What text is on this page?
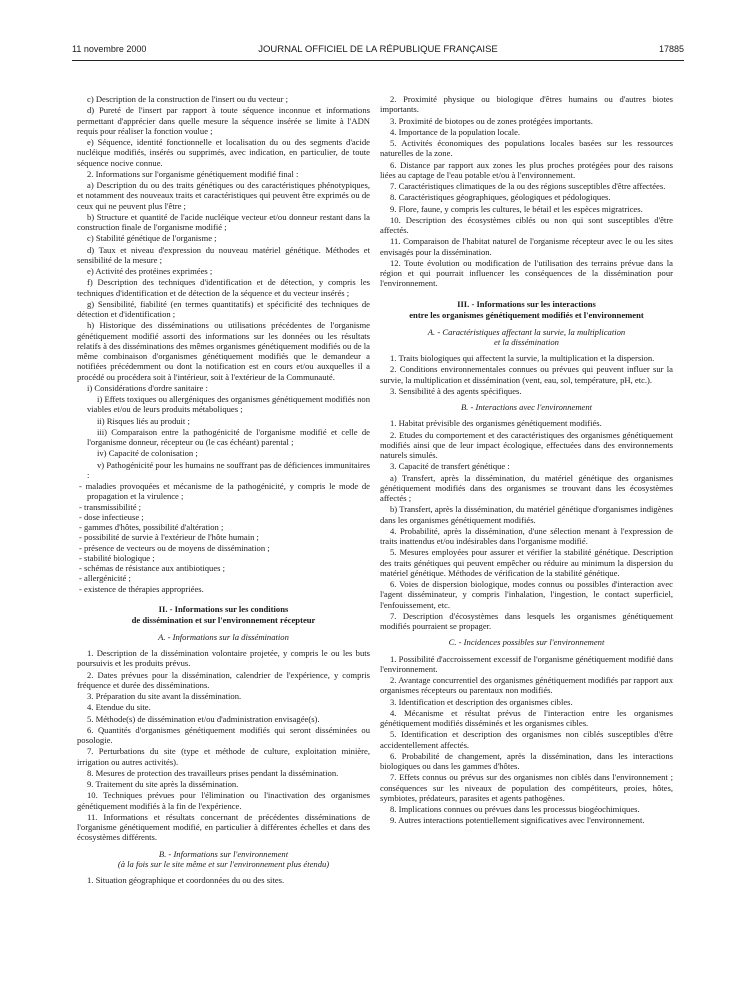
11 novembre 2000	JOURNAL OFFICIEL DE LA RÉPUBLIQUE FRANÇAISE	17885

c) Description de la construction de l'insert ou du vecteur ;

d) Pureté de l'insert par rapport à toute séquence inconnue et informations permettant d'apprécier dans quelle mesure la séquence insérée se limite à l'ADN requis pour réaliser la fonction voulue ;

e) Séquence, identité fonctionnelle et localisation du ou des segments d'acide nucléique modifiés, insérés ou supprimés, avec indication, en particulier, de toute séquence nocive connue.

2. Informations sur l'organisme génétiquement modifié final :

a) Description du ou des traits génétiques ou des caractéristiques phénotypiques, et notamment des nouveaux traits et caractéristiques qui peuvent être exprimés ou de ceux qui ne peuvent plus l'être ;

b) Structure et quantité de l'acide nucléique vecteur et/ou donneur restant dans la construction finale de l'organisme modifié ;

c) Stabilité génétique de l'organisme ;

d) Taux et niveau d'expression du nouveau matériel génétique. Méthodes et sensibilité de la mesure ;

e) Activité des protéines exprimées ;

f) Description des techniques d'identification et de détection, y compris les techniques d'identification et de détection de la séquence et du vecteur insérés ;

g) Sensibilité, fiabilité (en termes quantitatifs) et spécificité des techniques de détection et d'identification ;

h) Historique des disséminations ou utilisations précédentes de l'organisme génétiquement modifié assorti des informations sur les données ou les résultats relatifs à des disséminations des mêmes organismes génétiquement modifiés ou de la même combinaison d'organismes génétiquement modifiés que le demandeur a notifiées précédemment ou dont la notification est en cours et/ou auxquelles il a procédé ou procédera soit à l'intérieur, soit à l'extérieur de la Communauté.

i) Considérations d'ordre sanitaire :

i) Effets toxiques ou allergéniques des organismes génétiquement modifiés non viables et/ou de leurs produits métaboliques ;

ii) Risques liés au produit ;

iii) Comparaison entre la pathogénicité de l'organisme modifié et celle de l'organisme donneur, récepteur ou (le cas échéant) parental ;

iv) Capacité de colonisation ;

v) Pathogénicité pour les humains ne souffrant pas de déficiences immunitaires :

- maladies provoquées et mécanisme de la pathogénicité, y compris le mode de propagation et la virulence ;

- transmissibilité ;

- dose infectieuse ;

- gammes d'hôtes, possibilité d'altération ;

- possibilité de survie à l'extérieur de l'hôte humain ;

- présence de vecteurs ou de moyens de dissémination ;

- stabilité biologique ;

- schémas de résistance aux antibiotiques ;

- allergénicité ;

- existence de thérapies appropriées.

II. - Informations sur les conditions
de dissémination et sur l'environnement récepteur
A. - Informations sur la dissémination

1. Description de la dissémination volontaire projetée, y compris le ou les buts poursuivis et les produits prévus.

2. Dates prévues pour la dissémination, calendrier de l'expérience, y compris fréquence et durée des disséminations.

3. Préparation du site avant la dissémination.

4. Etendue du site.

5. Méthode(s) de dissémination et/ou d'administration envisagée(s).

6. Quantités d'organismes génétiquement modifiés qui seront disséminées ou posologie.

7. Perturbations du site (type et méthode de culture, exploitation minière, irrigation ou autres activités).

8. Mesures de protection des travailleurs prises pendant la dissémination.

9. Traitement du site après la dissémination.

10. Techniques prévues pour l'élimination ou l'inactivation des organismes génétiquement modifiés à la fin de l'expérience.

11. Informations et résultats concernant de précédentes disséminations de l'organisme génétiquement modifié, en particulier à différentes échelles et dans des écosystèmes différents.

B. - Informations sur l'environnement
(à la fois sur le site même et sur l'environnement plus étendu)

1. Situation géographique et coordonnées du ou des sites.

2. Proximité physique ou biologique d'êtres humains ou d'autres biotes importants.

3. Proximité de biotopes ou de zones protégées importants.

4. Importance de la population locale.

5. Activités économiques des populations locales basées sur les ressources naturelles de la zone.

6. Distance par rapport aux zones les plus proches protégées pour des raisons liées au captage de l'eau potable et/ou à l'environnement.

7. Caractéristiques climatiques de la ou des régions susceptibles d'être affectées.

8. Caractéristiques géographiques, géologiques et pédologiques.

9. Flore, faune, y compris les cultures, le bétail et les espèces migratrices.

10. Description des écosystèmes ciblés ou non qui sont susceptibles d'être affectés.

11. Comparaison de l'habitat naturel de l'organisme récepteur avec le ou les sites envisagés pour la dissémination.

12. Toute évolution ou modification de l'utilisation des terrains prévue dans la région et qui pourrait influencer les conséquences de la dissémination pour l'environnement.

III. - Informations sur les interactions
entre les organismes génétiquement modifiés et l'environnement
A. - Caractéristiques affectant la survie, la multiplication
et la dissémination

1. Traits biologiques qui affectent la survie, la multiplication et la dispersion.

2. Conditions environnementales connues ou prévues qui peuvent influer sur la survie, la multiplication et dissémination (vent, eau, sol, température, pH, etc.).

3. Sensibilité à des agents spécifiques.

B. - Interactions avec l'environnement

1. Habitat prévisible des organismes génétiquement modifiés.

2. Etudes du comportement et des caractéristiques des organismes génétiquement modifiés ainsi que de leur impact écologique, effectuées dans des environnements naturels simulés.

3. Capacité de transfert génétique :

a) Transfert, après la dissémination, du matériel génétique des organismes génétiquement modifiés dans des organismes se trouvant dans les écosystèmes affectés ;

b) Transfert, après la dissémination, du matériel génétique d'organismes indigènes dans les organismes génétiquement modifiés.

4. Probabilité, après la dissémination, d'une sélection menant à l'expression de traits inattendus et/ou indésirables dans l'organisme modifié.

5. Mesures employées pour assurer et vérifier la stabilité génétique. Description des traits génétiques qui peuvent empêcher ou réduire au minimum la dispersion du matériel génétique. Méthodes de vérification de la stabilité génétique.

6. Voies de dispersion biologique, modes connus ou possibles d'interaction avec l'agent disséminateur, y compris l'inhalation, l'ingestion, le contact superficiel, l'enfouissement, etc.

7. Description d'écosystèmes dans lesquels les organismes génétiquement modifiés pourraient se propager.

C. - Incidences possibles sur l'environnement

1. Possibilité d'accroissement excessif de l'organisme génétiquement modifié dans l'environnement.

2. Avantage concurrentiel des organismes génétiquement modifiés par rapport aux organismes récepteurs ou parentaux non modifiés.

3. Identification et description des organismes cibles.

4. Mécanisme et résultat prévus de l'interaction entre les organismes génétiquement modifiés disséminés et les organismes cibles.

5. Identification et description des organismes non ciblés susceptibles d'être accidentellement affectés.

6. Probabilité de changement, après la dissémination, dans les interactions biologiques ou dans les gammes d'hôtes.

7. Effets connus ou prévus sur des organismes non ciblés dans l'environnement ; conséquences sur les niveaux de population des compétiteurs, proies, hôtes, symbiotes, prédateurs, parasites et agents pathogènes.

8. Implications connues ou prévues dans les processus biogéochimiques.

9. Autres interactions potentiellement significatives avec l'environnement.
